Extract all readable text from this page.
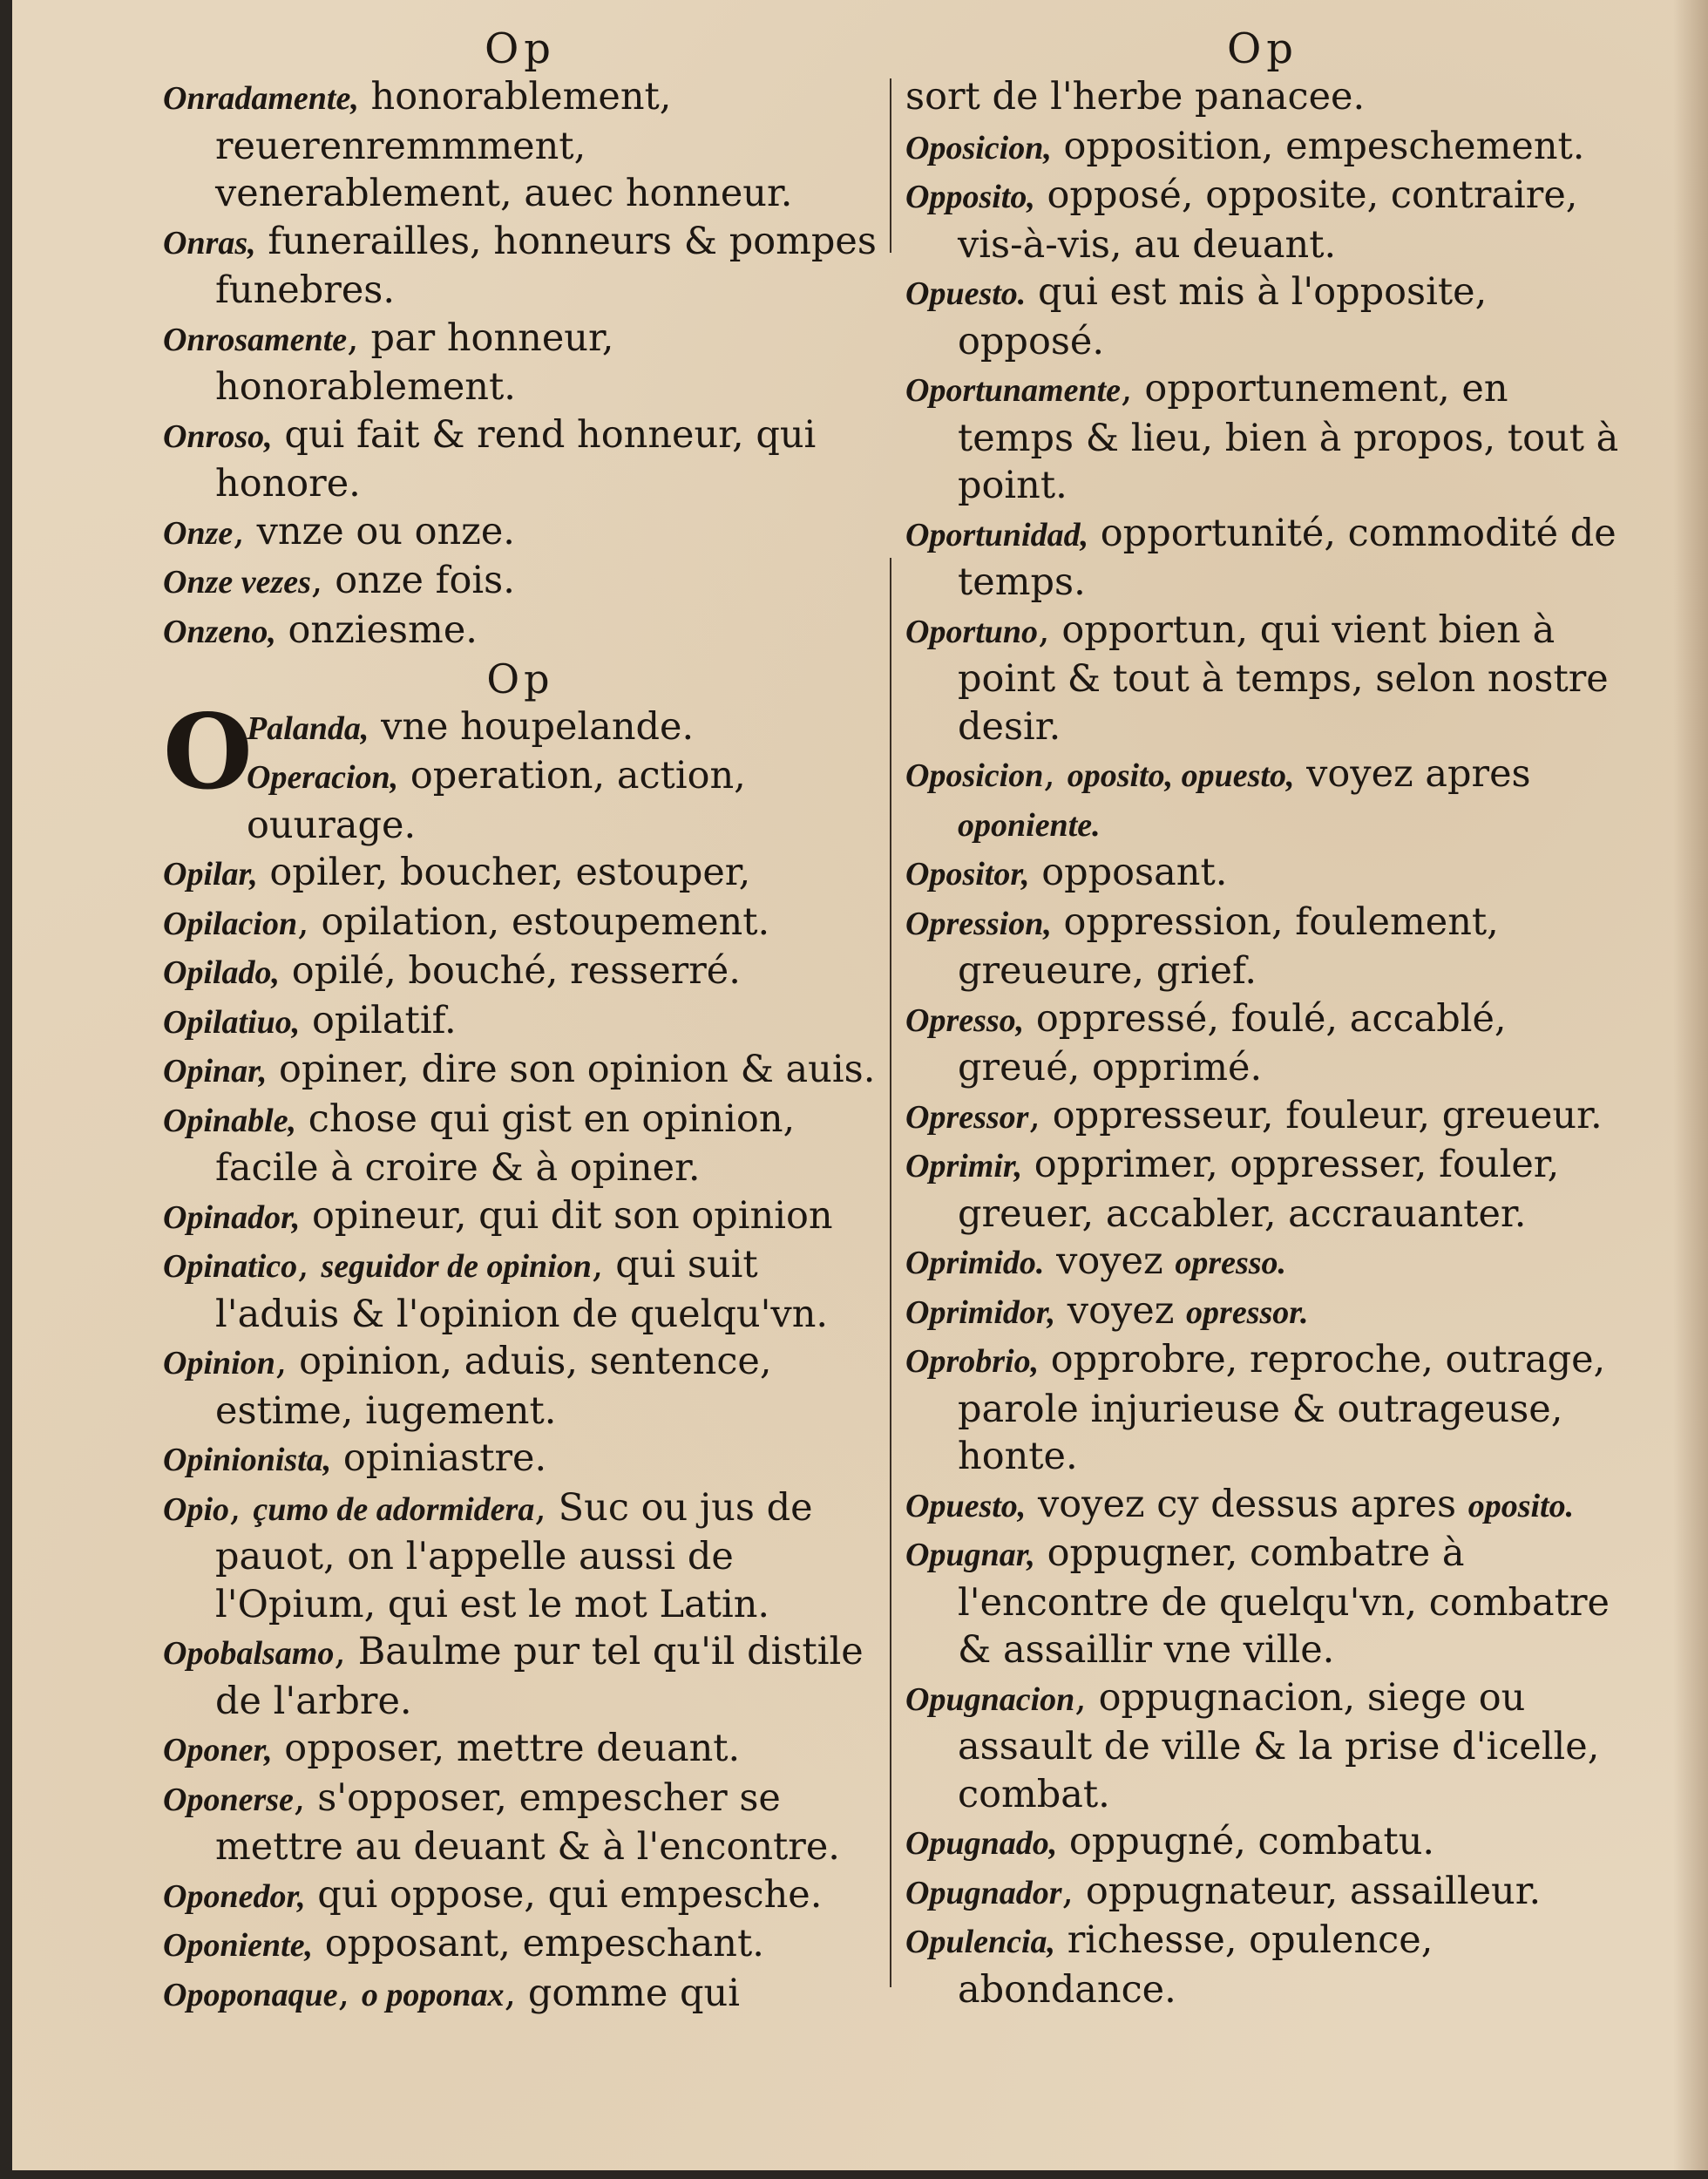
Op
Onradamente, honorablement, reuerenremmment, venerablement, auec honneur.
Onras, funerailles, honneurs & pompes funebres.
Onrosamente, par honneur, honorablement.
Onroso, qui fait & rend honneur, qui honore.
Onze, vnze ou onze.
Onze vezes, onze fois.
Onzeno, onziesme.
Op
O
Palanda, vne houpelande.
Operacion, operation, action, ouurage.
Opilar, opiler, boucher, estouper,
Opilacion, opilation, estoupement.
Opilado, opilé, bouché, resserré.
Opilatiuo, opilatif.
Opinar, opiner, dire son opinion & auis.
Opinable, chose qui gist en opinion, facile à croire & à opiner.
Opinador, opineur, qui dit son opinion
Opinatico, seguidor de opinion, qui suit l'aduis & l'opinion de quelqu'vn.
Opinion, opinion, aduis, sentence, estime, iugement.
Opinionista, opiniastre.
Opio, çumo de adormidera, Suc ou jus de pauot, on l'appelle aussi de l'Opium, qui est le mot Latin.
Opobalsamo, Baulme pur tel qu'il distile de l'arbre.
Oponer, opposer, mettre deuant.
Oponerse, s'opposer, empescher se mettre au deuant & à l'encontre.
Oponedor, qui oppose, qui empesche.
Oponiente, opposant, empeschant.
Opoponaque, o poponax, gomme qui
Op
sort de l'herbe panacee.
Oposicion, opposition, empeschement.
Opposito, opposé, opposite, contraire, vis-à-vis, au deuant.
Opuesto. qui est mis à l'opposite, opposé.
Oportunamente, opportunement, en temps & lieu, bien à propos, tout à point.
Oportunidad, opportunité, commodité de temps.
Oportuno, opportun, qui vient bien à point & tout à temps, selon nostre desir.
Oposicion, oposito, opuesto, voyez apres oponiente.
Opositor, opposant.
Opression, oppression, foulement, greueure, grief.
Opresso, oppressé, foulé, accablé, greué, opprimé.
Opressor, oppresseur, fouleur, greueur.
Oprimir, opprimer, oppresser, fouler, greuer, accabler, accrauanter.
Oprimido. voyez opresso.
Oprimidor, voyez opressor.
Oprobrio, opprobre, reproche, outrage, parole injurieuse & outrageuse, honte.
Opuesto, voyez cy dessus apres oposito.
Opugnar, oppugner, combatre à l'encontre de quelqu'vn, combatre & assaillir vne ville.
Opugnacion, oppugnacion, siege ou assault de ville & la prise d'icelle, combat.
Opugnado, oppugné, combatu.
Opugnador, oppugnateur, assailleur.
Opulencia, richesse, opulence, abondance.
